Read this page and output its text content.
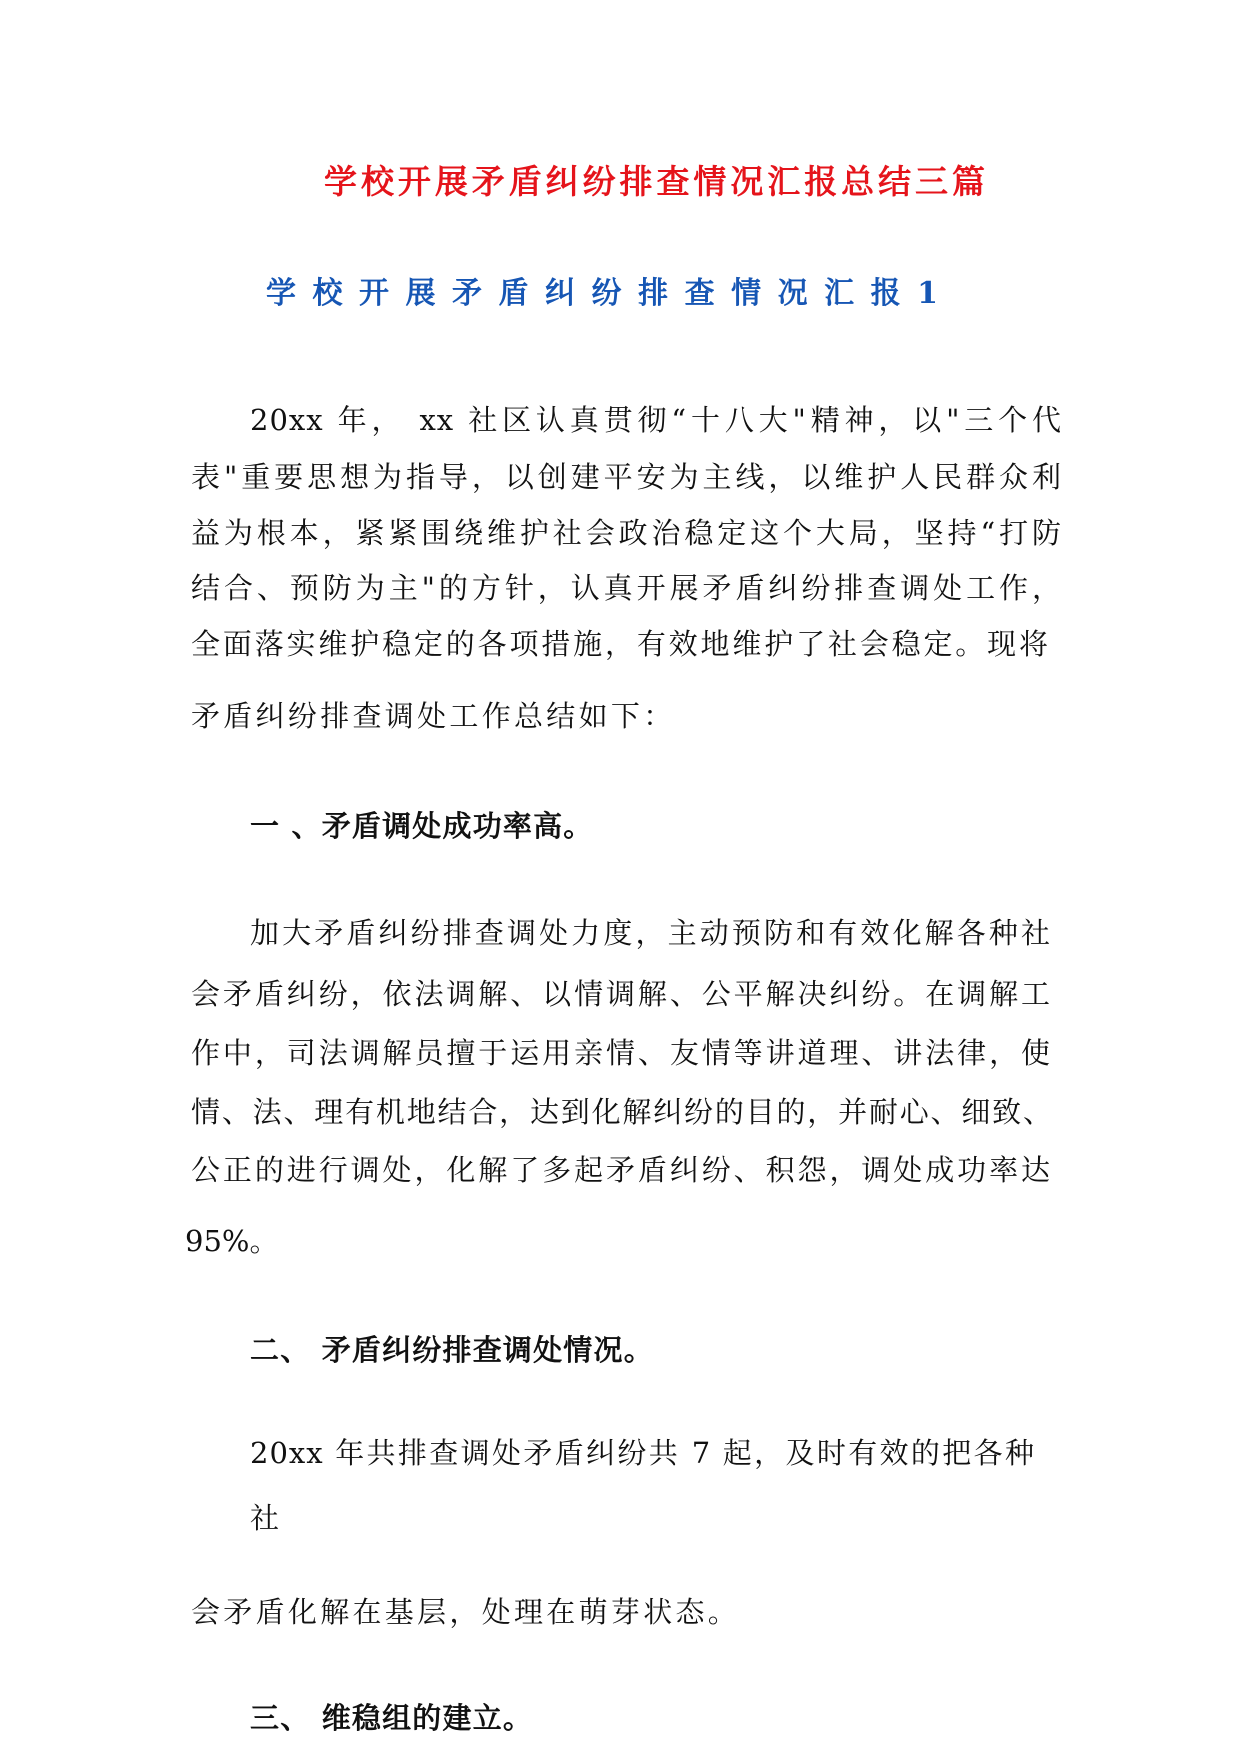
学校开展矛盾纠纷排查情况汇报总结三篇
学校开展矛盾纠纷排查情况汇报1
20xx 年， xx 社区认真贯彻“十八大"精神，以"三个代
表"重要思想为指导，以创建平安为主线，以维护人民群众利
益为根本，紧紧围绕维护社会政治稳定这个大局，坚持“打防
结合、预防为主"的方针，认真开展矛盾纠纷排查调处工作，
全面落实维护稳定的各项措施，有效地维护了社会稳定。现将
矛盾纠纷排查调处工作总结如下：
一 、矛盾调处成功率高。
加大矛盾纠纷排查调处力度，主动预防和有效化解各种社
会矛盾纠纷，依法调解、以情调解、公平解决纠纷。在调解工
作中，司法调解员擅于运用亲情、友情等讲道理、讲法律，使
情、法、理有机地结合，达到化解纠纷的目的，并耐心、细致、
公正的进行调处，化解了多起矛盾纠纷、积怨，调处成功率达
95%。
二、 矛盾纠纷排查调处情况。
20xx 年共排查调处矛盾纠纷共 7 起，及时有效的把各种
社
会矛盾化解在基层，处理在萌芽状态。
三、 维稳组的建立。
